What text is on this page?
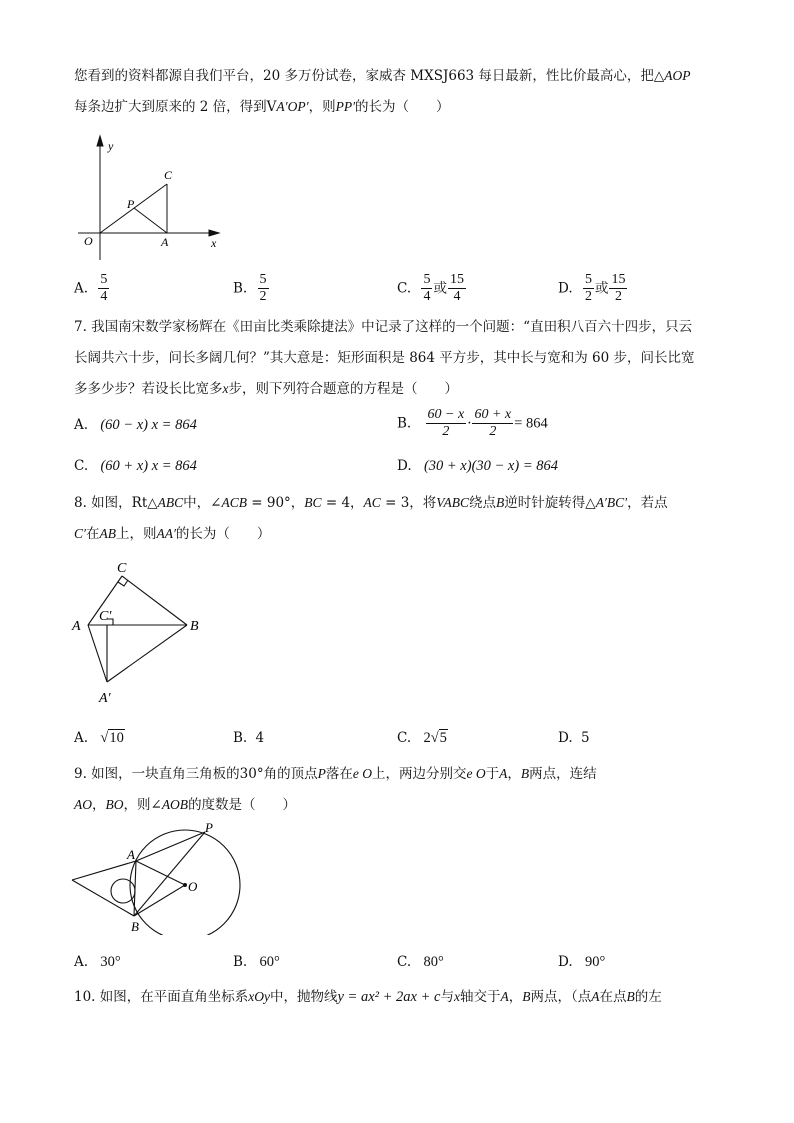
您看到的资料都源自我们平台，20 多万份试卷，家威杏 MXSJ663 每日最新，性比价最高心，把△AOP
每条边扩大到原来的 2 倍，得到VA′OP′，则PP′的长为（　　）
y
x
O	A
C
P
A. $\frac{5}{4}$	B. $\frac{5}{2}$	C. $\frac{5}{4}$ 或 $\frac{15}{4}$	D. $\frac{5}{2}$ 或 $\frac{15}{2}$
7. 我国南宋数学家杨辉在《田亩比类乘除捷法》中记录了这样的一个问题：“直田积八百六十四步，只云
长阔共六十步，问长多阔几何？”其大意是：矩形面积是 864 平方步，其中长与宽和为 60 步，问长比宽
多多少步？若设长比宽多x步，则下列符合题意的方程是（　　）
A. (60 − x) x = 864	B. $\frac{60 - x}{2} \cdot \frac{60 + x}{2} = 864$
C. (60 + x) x = 864	D. (30 + x)(30 − x) = 864
8. 如图，Rt△ABC中，∠ACB = 90°，BC = 4，AC = 3，将VABC绕点B逆时针旋转得△A′BC′，若点
C′在AB上，则AA′的长为（　　）
C
A	B
C′
A′
A. √10	B. 4	C. 2√5	D. 5
9. 如图，一块直角三角板的30°角的顶点P落在e O上，两边分别交e O于A，B两点，连结
AO，BO，则∠AOB的度数是（　　）
P
A
O
B
A. 30°	B. 60°	C. 80°	D. 90°
10. 如图，在平面直角坐标系xOy中，抛物线y = ax² + 2ax + c与x轴交于A，B两点，（点A在点B的左
